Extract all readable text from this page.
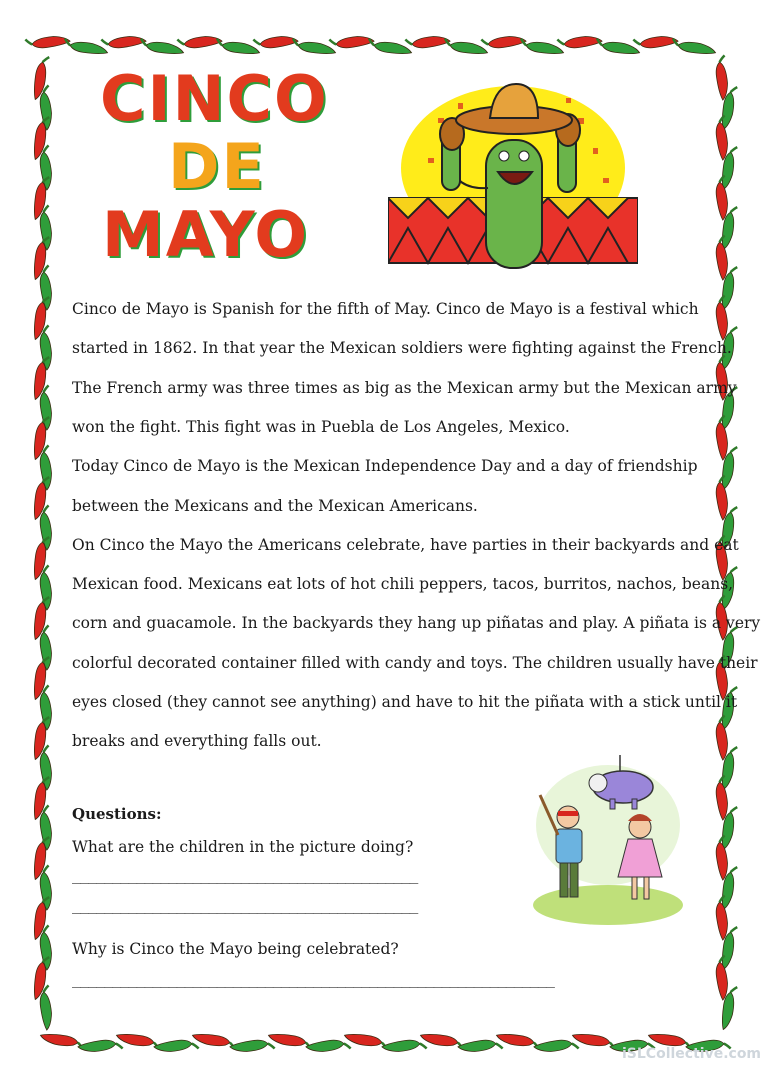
CINCO
DE
MAYO
Cinco de Mayo is Spanish for the fifth of May. Cinco de Mayo is a festival which
started in 1862. In that year the Mexican soldiers were fighting against the French.
The French army was three times as big as the Mexican army but the Mexican army
won the fight. This fight was in Puebla de Los Angeles, Mexico.
Today Cinco de Mayo is the Mexican Independence Day and a day of friendship
between the Mexicans and the Mexican Americans.
On Cinco the Mayo the Americans celebrate, have parties in their backyards and eat
Mexican food. Mexicans eat lots of hot chili peppers, tacos, burritos, nachos, beans,
corn and guacamole. In the backyards they hang up piñatas and play. A piñata is a very
colorful decorated container filled with candy and toys. The children usually have their
eyes closed (they cannot see anything) and have to hit the piñata with a stick until it
breaks and everything falls out.
Questions:
What are the children in the picture doing?
___________________________________________
___________________________________________
Why is Cinco the Mayo being celebrated?
____________________________________________________________
iSLCollective.com
